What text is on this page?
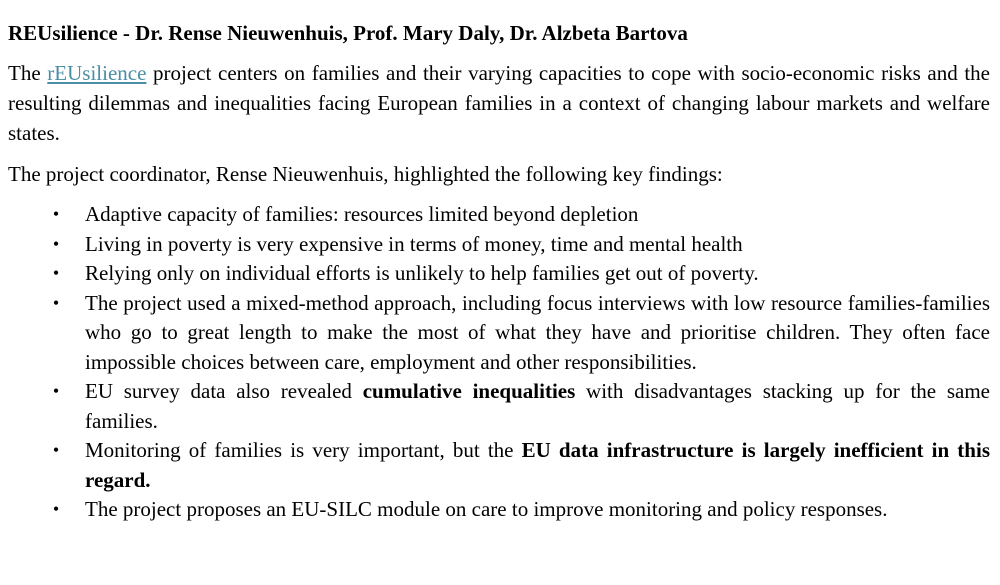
REUsilience - Dr. Rense Nieuwenhuis, Prof. Mary Daly, Dr. Alzbeta Bartova

The rEUsilience project centers on families and their varying capacities to cope with socio-economic risks and the resulting dilemmas and inequalities facing European families in a context of changing labour markets and welfare states.

The project coordinator, Rense Nieuwenhuis, highlighted the following key findings:

•	Adaptive capacity of families: resources limited beyond depletion
•	Living in poverty is very expensive in terms of money, time and mental health
•	Relying only on individual efforts is unlikely to help families get out of poverty.
•	The project used a mixed-method approach, including focus interviews with low resource families-families who go to great length to make the most of what they have and prioritise children. They often face impossible choices between care, employment and other responsibilities.
•	EU survey data also revealed cumulative inequalities with disadvantages stacking up for the same families.
•	Monitoring of families is very important, but the EU data infrastructure is largely inefficient in this regard.
•	The project proposes an EU-SILC module on care to improve monitoring and policy responses.
